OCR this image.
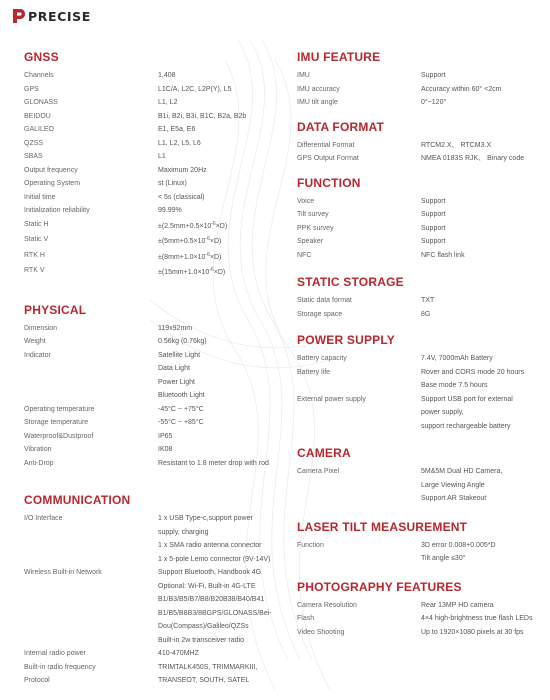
PRECISE
GNSS
Channels	1,408
GPS	L1C/A, L2C, L2P(Y), L5
GLONASS	L1, L2
BEIDOU	B1i, B2i, B3i, B1C, B2a, B2b
GALILEO	E1, E5a, E6
QZSS	L1, L2, L5, L6
SBAS	L1
Output frequency	Maximum 20Hz
Operating System	st (Linux)
Initial time	< 5s (classical)
Initialization reliability	99.99%
Static H	$\pm(2.5mm+0.5\times 10^{-6}\times D)$
Static V	$\pm(5mm+0.5\times 10^{-6}\times D)$
RTK H	$\pm(8mm+1.0\times 10^{-6}\times D)$
RTK V	$\pm(15mm+1.0\times 10^{-6}\times D)$
PHYSICAL
Dimension	119x92mm
Weight	0.56kg (0.76kg)
Indicator	Satellite Light
Data Light
Power Light
Bluetooth Light
Operating temperature	-45°C ~ +75°C
Storage temperature	-55°C ~ +85°C
Waterproof&Dustproof	IP65
Vibration	IK08
Anti-Drop	Resistant to 1.8 meter drop with rod
COMMUNICATION
I/O Interface	1 x USB Type-c,support power
supply, charging
1 x SMA radio antenna connector
1 x 5-pole Lemo connector (9V-14V)
Wireless Built-in Network	Support Bluetooth, Handbook 4G
Optional: Wi-Fi, Built-in 4G-LTE
B1/B3/B5/B7/B8/B20B38/B40/B41
B1/B5/B8B3/8BGPS/GLONASS/Bei-
Dou(Compass)/Galileo/QZSs
Built-in 2w transceiver radio
Internal radio power	410-470MHZ
Built-in radio frequency	TRIMTALK450S, TRIMMARKIII,
Protocol	TRANSEOT, SOUTH, SATEL
IMU FEATURE
IMU	Support
IMU accuracy	Accuracy within 60° <2cm
IMU tilt angle	0°~120°
DATA FORMAT
Differential Format	RTCM2.X、 RTCM3.X
GPS Output Format	NMEA 0183S RJK、 Binary code
FUNCTION
Voice	Support
Tilt survey	Support
PPK survey	Support
Speaker	Support
NFC	NFC flash link
STATIC STORAGE
Static data format	TXT
Storage space	8G
POWER SUPPLY
Battery capacity	7.4V, 7000mAh Battery
Battery life	Rover and CORS mode 20 hours
Base mode 7.5 hours
External power supply	Support USB port for external
power supply,
support rechargeable battery
CAMERA
Camera Pixel	5M&5M Dual HD Camera,
Large Viewing Angle
Support AR Stakeout
LASER TILT MEASUREMENT
Function	3D error 0.008+0.005*D
Tilt angle ≤30°
PHOTOGRAPHY FEATURES
Camera Resolution	Rear 13MP HD camera
Flash	4×4 high-brightness true flash LEDs
Video Shooting	Up to 1920×1080 pixels at 30 fps
